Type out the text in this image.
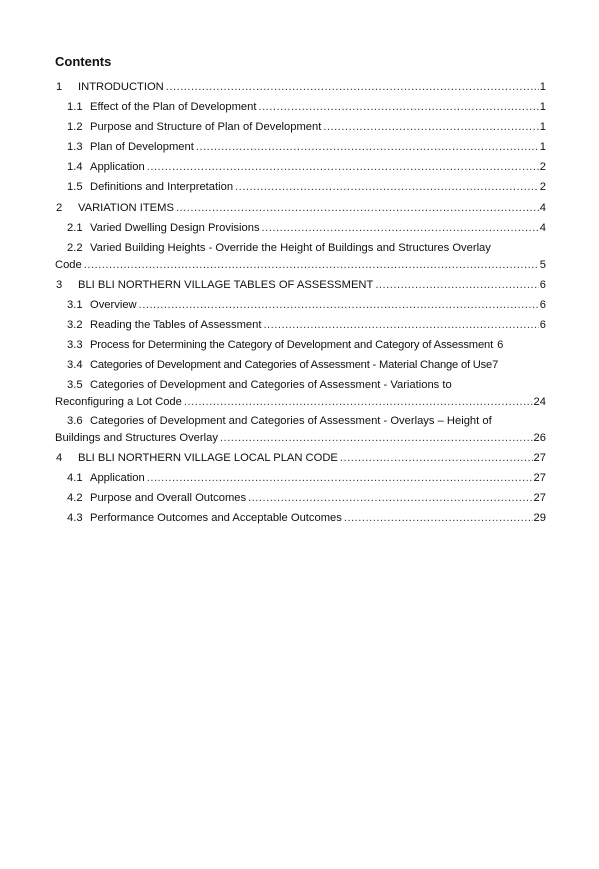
Contents
1	INTRODUCTION .....	1
1.1 Effect of the Plan of Development .....	1
1.2 Purpose and Structure of Plan of Development .....	1
1.3 Plan of Development .....	1
1.4 Application .....	2
1.5 Definitions and Interpretation .....	2
2	VARIATION ITEMS .....	4
2.1 Varied Dwelling Design Provisions .....	4
2.2 Varied Building Heights - Override the Height of Buildings and Structures Overlay
Code .....	5
3	BLI BLI NORTHERN VILLAGE TABLES OF ASSESSMENT .....	6
3.1 Overview .....	6
3.2 Reading the Tables of Assessment .....	6
3.3 Process for Determining the Category of Development and Category of Assessment 6
3.4 Categories of Development and Categories of Assessment - Material Change of Use 7
3.5 Categories of Development and Categories of Assessment - Variations to
Reconfiguring a Lot Code .....	24
3.6 Categories of Development and Categories of Assessment - Overlays – Height of
Buildings and Structures Overlay .....	26
4	BLI BLI NORTHERN VILLAGE LOCAL PLAN CODE .....	27
4.1 Application .....	27
4.2 Purpose and Overall Outcomes .....	27
4.3 Performance Outcomes and Acceptable Outcomes .....	29
